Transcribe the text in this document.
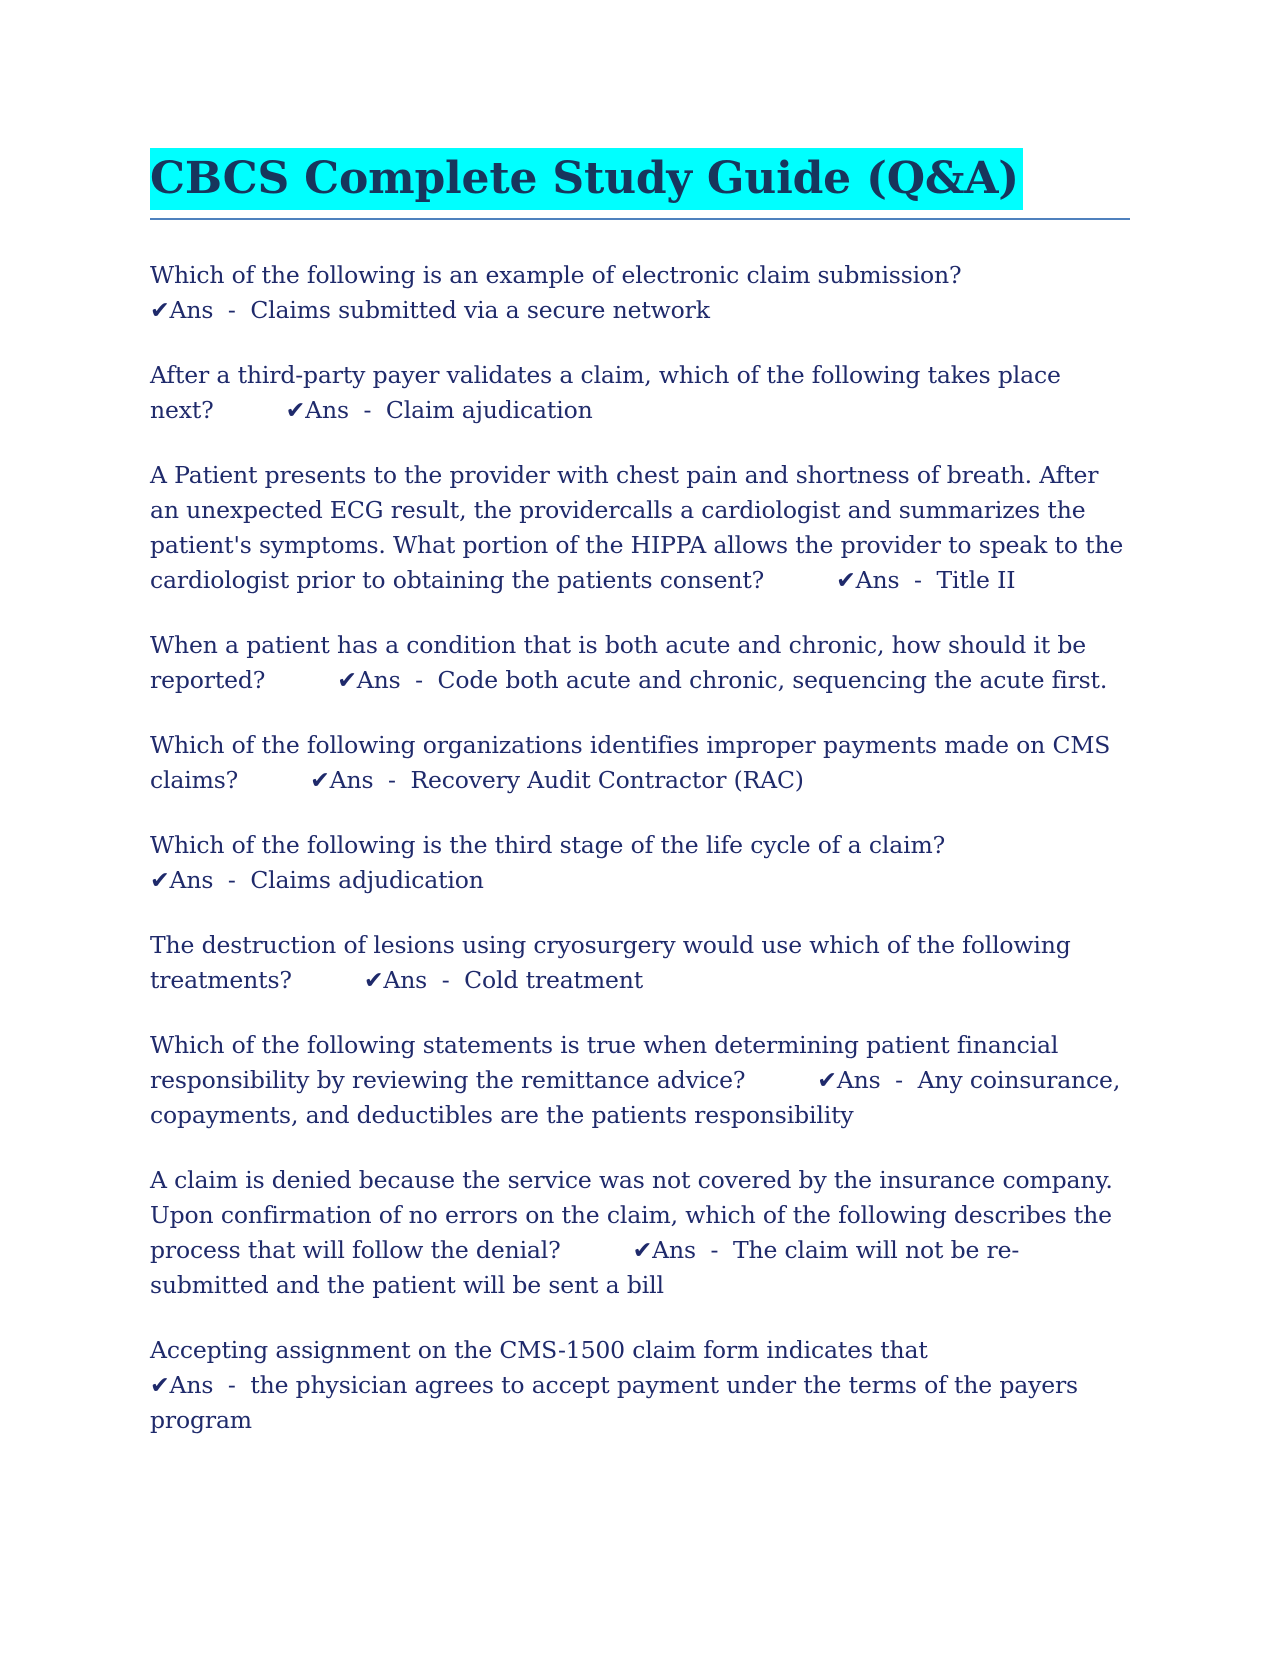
CBCS Complete Study Guide (Q&A)

Which of the following is an example of electronic claim submission?✔Ans  -  Claims submitted via a secure network

After a third-party payer validates a claim, which of the following takes place next?	✔Ans  -  Claim ajudication

A Patient presents to the provider with chest pain and shortness of breath. After an unexpected ECG result, the providercalls a cardiologist and summarizes the patient's symptoms. What portion of the HIPPA allows the provider to speak to the cardiologist prior to obtaining the patients consent?	✔Ans  -  Title II

When a patient has a condition that is both acute and chronic, how should it be reported?	✔Ans  -  Code both acute and chronic, sequencing the acute first.

Which of the following organizations identifies improper payments made on CMS claims?	✔Ans  -  Recovery Audit Contractor (RAC)

Which of the following is the third stage of the life cycle of a claim?✔Ans  -  Claims adjudication

The destruction of lesions using cryosurgery would use which of the following treatments?	✔Ans  -  Cold treatment

Which of the following statements is true when determining patient financial responsibility by reviewing the remittance advice?	✔Ans  -  Any coinsurance, copayments, and deductibles are the patients responsibility

A claim is denied because the service was not covered by the insurance company. Upon confirmation of no errors on the claim, which of the following describes the process that will follow the denial?	✔Ans  -  The claim will not be re-submitted and the patient will be sent a bill

Accepting assignment on the CMS-1500 claim form indicates that✔Ans  -  the physician agrees to accept payment under the terms of the payers program
